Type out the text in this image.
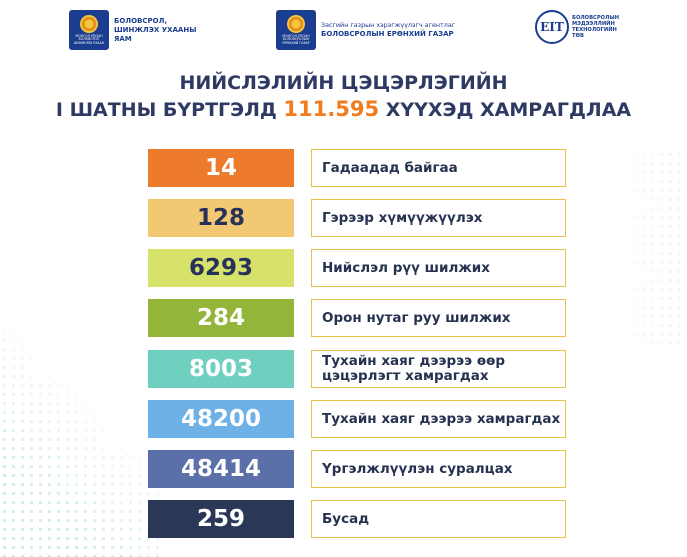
МОНГОЛ УЛСЫН
БОЛОВСРОЛ
ШИНЖЛЭХ УХААН
БОЛОВСРОЛ,
ШИНЖЛЭХ УХААНЫ
ЯАМ	МОНГОЛ УЛСЫН
БОЛОВСРОЛЫН
ЕРӨНХИЙ ГАЗАР
Засгийн газрын хэрэгжүүлэгч агентлаг
БОЛОВСРОЛЫН ЕРӨНХИЙ ГАЗАР	EIT
БОЛОВСРОЛЫН
МЭДЭЭЛЛИЙН
ТЕХНОЛОГИЙН
ТӨВ
НИЙСЛЭЛИЙН ЦЭЦЭРЛЭГИЙН
I ШАТНЫ БҮРТГЭЛД 111.595 ХҮҮХЭД ХАМРАГДЛАА
14	Гадаадад байгаа
128	Гэрээр хүмүүжүүлэх
6293	Нийслэл рүү шилжих
284	Орон нутаг руу шилжих
8003	Тухайн хаяг дээрээ өөр цэцэрлэгт хамрагдах
48200	Тухайн хаяг дээрээ хамрагдах
48414	Үргэлжлүүлэн суралцах
259	Бусад
